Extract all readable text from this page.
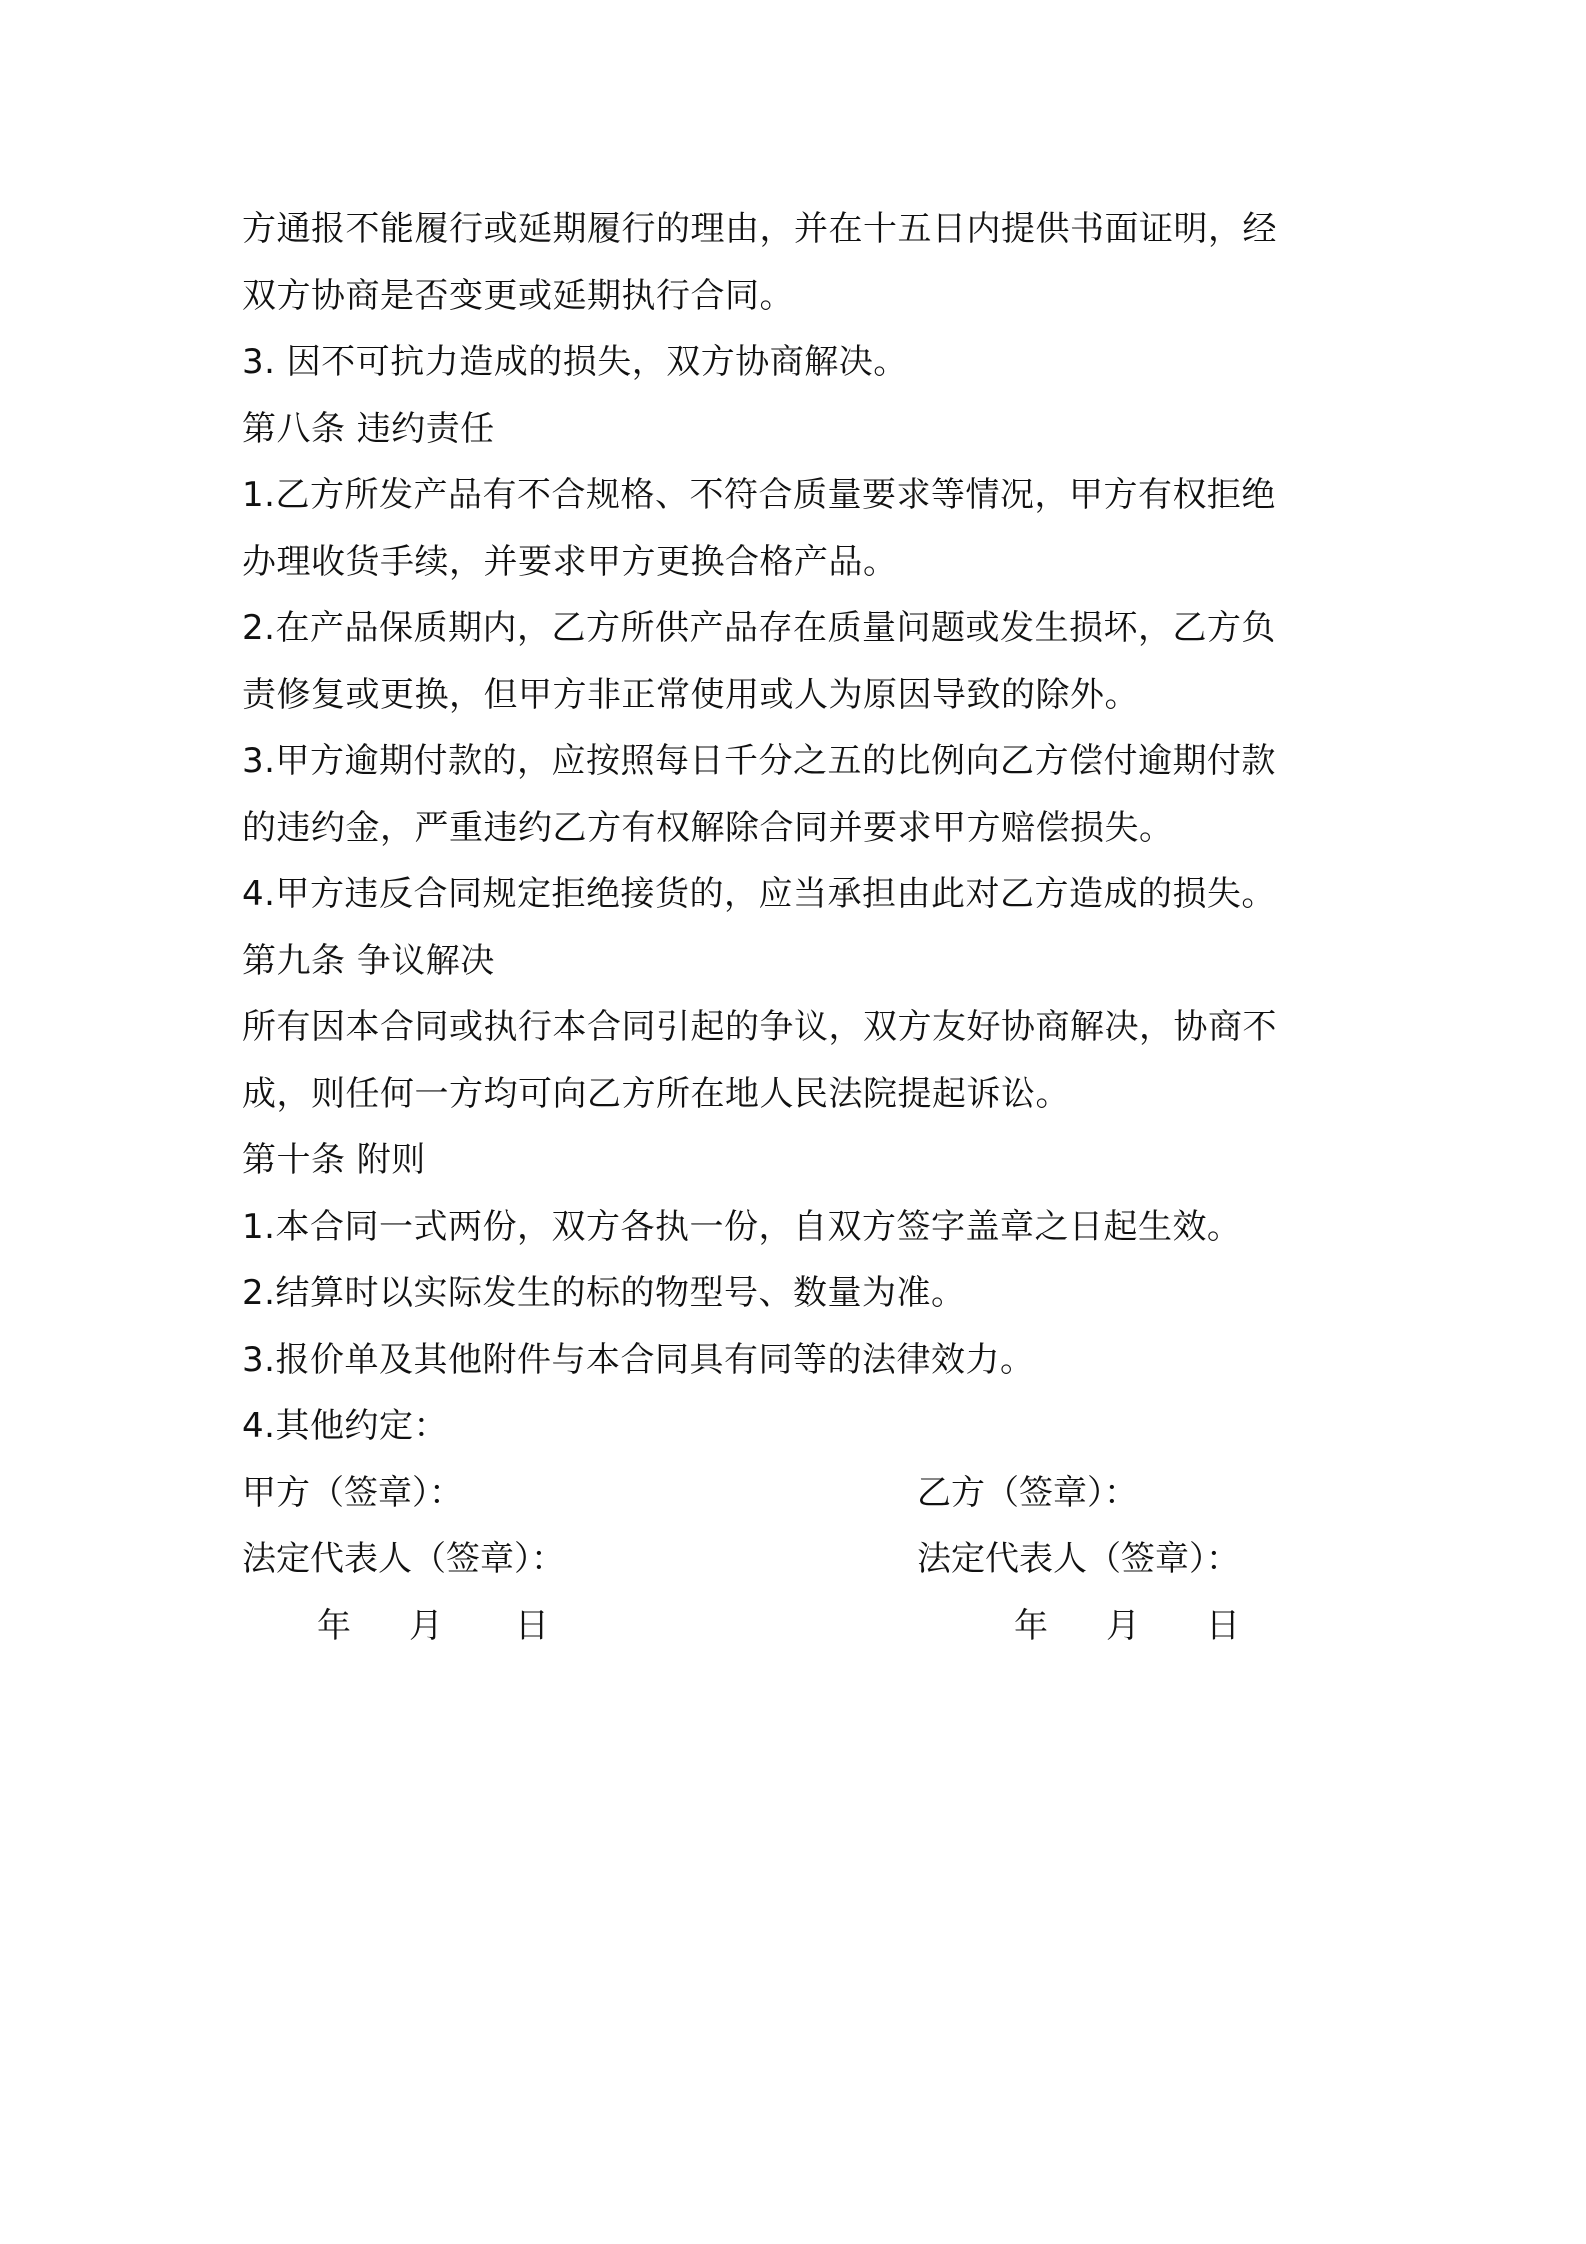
方通报不能履行或延期履行的理由，并在十五日内提供书面证明，经
双方协商是否变更或延期执行合同。
3. 因不可抗力造成的损失，双方协商解决。
第八条 违约责任
1.乙方所发产品有不合规格、不符合质量要求等情况，甲方有权拒绝
办理收货手续，并要求甲方更换合格产品。
2.在产品保质期内，乙方所供产品存在质量问题或发生损坏，乙方负
责修复或更换，但甲方非正常使用或人为原因导致的除外。
3.甲方逾期付款的，应按照每日千分之五的比例向乙方偿付逾期付款
的违约金，严重违约乙方有权解除合同并要求甲方赔偿损失。
4.甲方违反合同规定拒绝接货的，应当承担由此对乙方造成的损失。
第九条 争议解决
所有因本合同或执行本合同引起的争议，双方友好协商解决，协商不
成，则任何一方均可向乙方所在地人民法院提起诉讼。
第十条 附则
1.本合同一式两份，双方各执一份，自双方签字盖章之日起生效。
2.结算时以实际发生的标的物型号、数量为准。
3.报价单及其他附件与本合同具有同等的法律效力。
4.其他约定：
甲方（签章）：	乙方（签章）：
法定代表人（签章）：	法定代表人（签章）：
年 月 日	年 月 日
